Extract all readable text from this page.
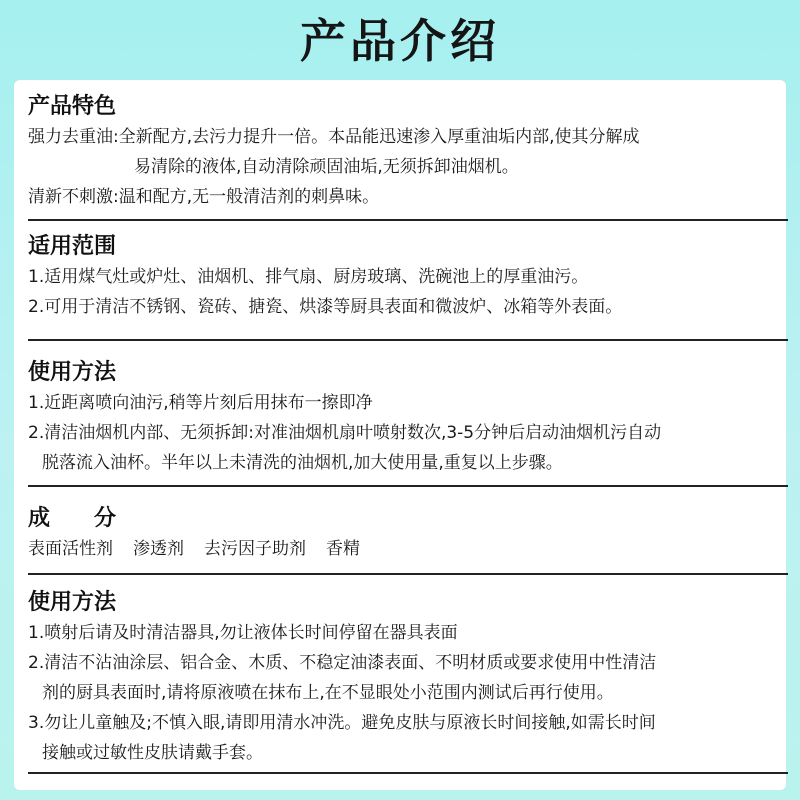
产品介绍
产品特色
强力去重油:全新配方,去污力提升一倍。本品能迅速渗入厚重油垢内部,使其分解成
易清除的液体,自动清除顽固油垢,无须拆卸油烟机。
清新不刺激:温和配方,无一般清洁剂的刺鼻味。
适用范围
1.适用煤气灶或炉灶、油烟机、排气扇、厨房玻璃、洗碗池上的厚重油污。
2.可用于清洁不锈钢、瓷砖、搪瓷、烘漆等厨具表面和微波炉、冰箱等外表面。
使用方法
1.近距离喷向油污,稍等片刻后用抹布一擦即净
2.清洁油烟机内部、无须拆卸:对准油烟机扇叶喷射数次,3-5分钟后启动油烟机污自动
脱落流入油杯。半年以上未清洗的油烟机,加大使用量,重复以上步骤。
成分
表面活性剂 渗透剂 去污因子助剂 香精
使用方法
1.喷射后请及时清洁器具,勿让液体长时间停留在器具表面
2.清洁不沾油涂层、铝合金、木质、不稳定油漆表面、不明材质或要求使用中性清洁
剂的厨具表面时,请将原液喷在抹布上,在不显眼处小范围内测试后再行使用。
3.勿让儿童触及;不慎入眼,请即用清水冲洗。避免皮肤与原液长时间接触,如需长时间
接触或过敏性皮肤请戴手套。
